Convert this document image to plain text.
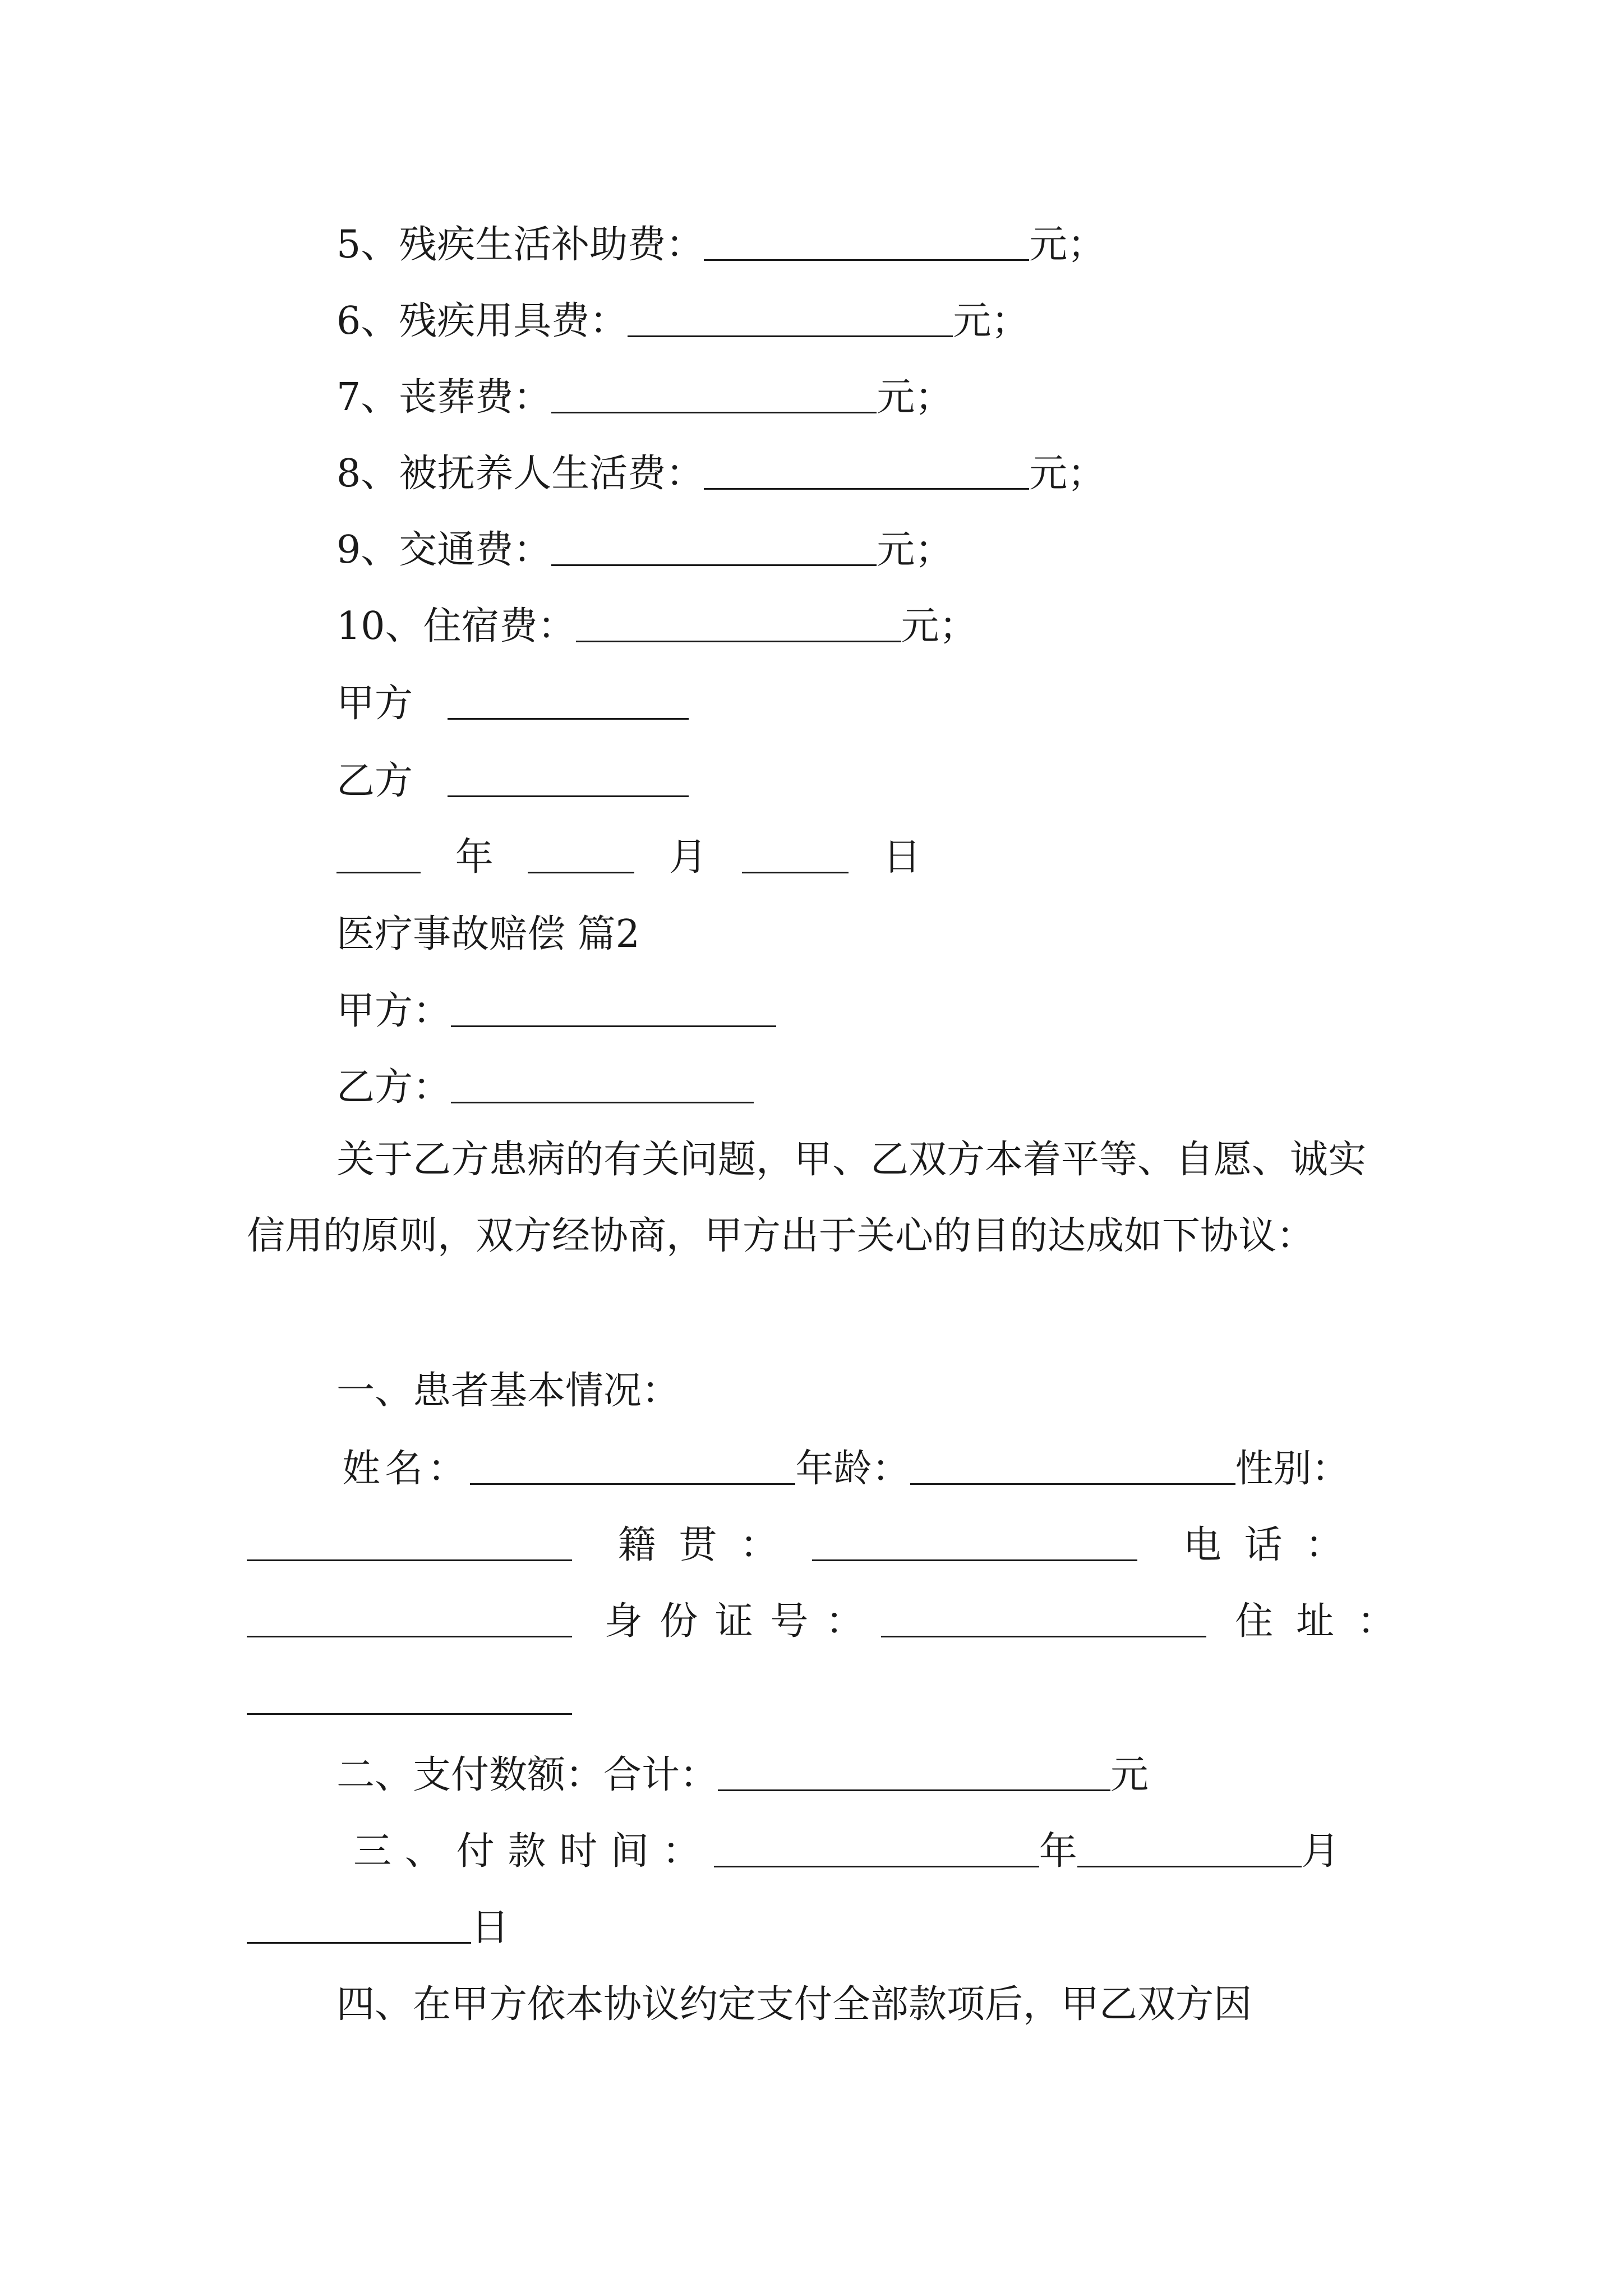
5、残疾生活补助费：	元；
6、残疾用具费：	元；
7、丧葬费：	元；
8、被抚养人生活费：	元；
9、交通费：	元；
10、住宿费：	元；
甲方
乙方
年	月	日
医疗事故赔偿 篇2
甲方：
乙方：
关于乙方患病的有关问题，甲、乙双方本着平等、自愿、诚实信用的原则，双方经协商，甲方出于关心的目的达成如下协议：
一、患者基本情况：
姓名：	年龄：	性别：
籍贯：	电话：
身份证号：	住址：
二、支付数额：合计：	元
三、付款时间：	年	月
日
四、在甲方依本协议约定支付全部款项后，甲乙双方因
